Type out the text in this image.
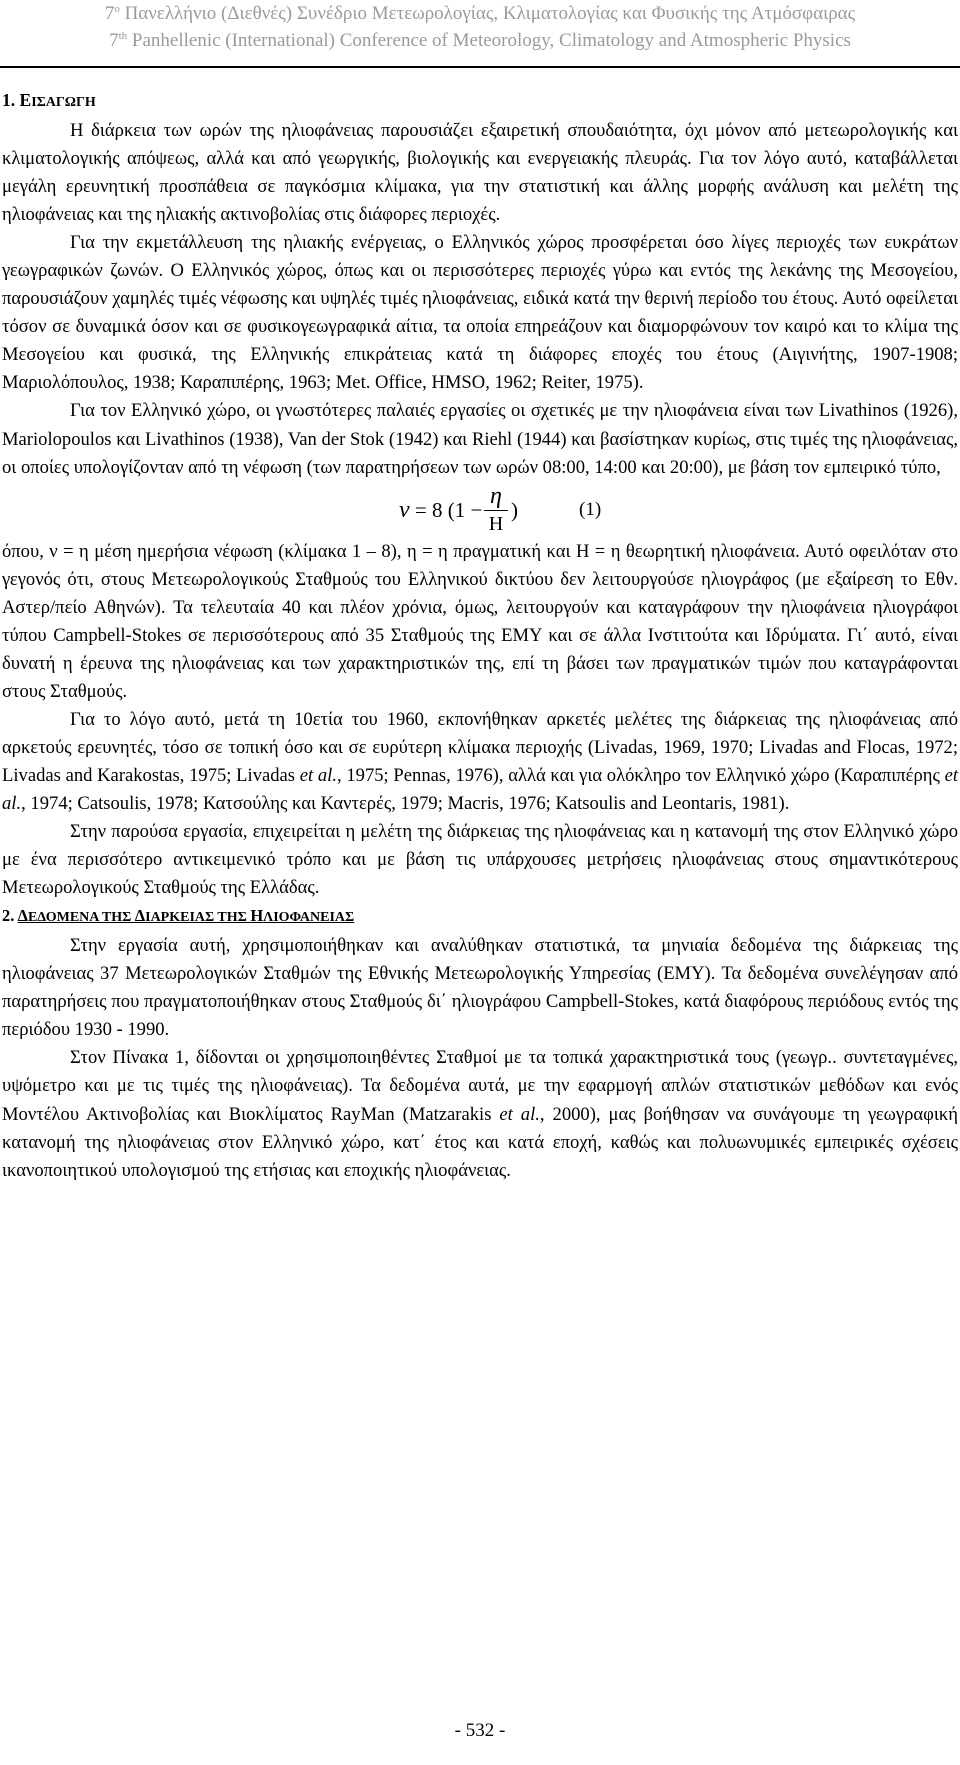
$7^o$ Πανελλήνιο (Διεθνές) Συνέδριο Μετεωρολογίας, Κλιματολογίας και Φυσικής της Ατμόσφαιρας
7th Panhellenic (International) Conference of Meteorology, Climatology and Atmospheric Physics

1. ΕΙΣΑΓΩΓΗ

Η διάρκεια των ωρών της ηλιοφάνειας παρουσιάζει εξαιρετική σπουδαιότητα, όχι μόνον από μετεωρολογικής και κλιματολογικής απόψεως, αλλά και από γεωργικής, βιολογικής και ενεργειακής πλευράς. Για τον λόγο αυτό, καταβάλλεται μεγάλη ερευνητική προσπάθεια σε παγκόσμια κλίμακα, για την στατιστική και άλλης μορφής ανάλυση και μελέτη της ηλιοφάνειας και της ηλιακής ακτινοβολίας στις διάφορες περιοχές.

Για την εκμετάλλευση της ηλιακής ενέργειας, ο Ελληνικός χώρος προσφέρεται όσο λίγες περιοχές των ευκράτων γεωγραφικών ζωνών. Ο Ελληνικός χώρος, όπως και οι περισσότερες περιοχές γύρω και εντός της λεκάνης της Μεσογείου, παρουσιάζουν χαμηλές τιμές νέφωσης και υψηλές τιμές ηλιοφάνειας, ειδικά κατά την θερινή περίοδο του έτους. Αυτό οφείλεται τόσον σε δυναμικά όσον και σε φυσικογεωγραφικά αίτια, τα οποία επηρεάζουν και διαμορφώνουν τον καιρό και το κλίμα της Μεσογείου και φυσικά, της Ελληνικής επικράτειας κατά τη διάφορες εποχές του έτους (Αιγινήτης, 1907-1908; Μαριολόπουλος, 1938; Καραπιπέρης, 1963; Met. Office, HMSO, 1962; Reiter, 1975).

Για τον Ελληνικό χώρο, οι γνωστότερες παλαιές εργασίες οι σχετικές με την ηλιοφάνεια είναι των Livathinos (1926), Mariolopoulos και Livathinos (1938), Van der Stok (1942) και Riehl (1944) και βασίστηκαν κυρίως, στις τιμές της ηλιοφάνειας, οι οποίες υπολογίζονταν από τη νέφωση (των παρατηρήσεων των ωρών 08:00, 14:00 και 20:00), με βάση τον εμπειρικό τύπο,

ν = 8 (1 −
η
Η
)	(1)

όπου, ν = η μέση ημερήσια νέφωση (κλίμακα 1 – 8), η = η πραγματική και Η = η θεωρητική ηλιοφάνεια. Αυτό οφειλόταν στο γεγονός ότι, στους Μετεωρολογικούς Σταθμούς του Ελληνικού δικτύου δεν λειτουργούσε ηλιογράφος (με εξαίρεση το Εθν. Αστερ/πείο Αθηνών). Τα τελευταία 40 και πλέον χρόνια, όμως, λειτουργούν και καταγράφουν την ηλιοφάνεια ηλιογράφοι τύπου Campbell-Stokes σε περισσότερους από 35 Σταθμούς της ΕΜΥ και σε άλλα Ινστιτούτα και Ιδρύματα. Γι΄ αυτό, είναι δυνατή η έρευνα της ηλιοφάνειας και των χαρακτηριστικών της, επί τη βάσει των πραγματικών τιμών που καταγράφονται στους Σταθμούς.

Για το λόγο αυτό, μετά τη 10ετία του 1960, εκπονήθηκαν αρκετές μελέτες της διάρκειας της ηλιοφάνειας από αρκετούς ερευνητές, τόσο σε τοπική όσο και σε ευρύτερη κλίμακα περιοχής (Livadas, 1969, 1970; Livadas and Flocas, 1972; Livadas and Karakostas, 1975; Livadas et al., 1975; Pennas, 1976), αλλά και για ολόκληρο τον Ελληνικό χώρο (Καραπιπέρης et al., 1974; Catsoulis, 1978; Κατσούλης και Καντερές, 1979; Macris, 1976; Katsoulis and Leontaris, 1981).

Στην παρούσα εργασία, επιχειρείται η μελέτη της διάρκειας της ηλιοφάνειας και η κατανομή της στον Ελληνικό χώρο με ένα περισσότερο αντικειμενικό τρόπο και με βάση τις υπάρχουσες μετρήσεις ηλιοφάνειας στους σημαντικότερους Μετεωρολογικούς Σταθμούς της Ελλάδας.

2. ΔΕΔΟΜΕΝΑ ΤΗΣ ΔΙΑΡΚΕΙΑΣ ΤΗΣ ΗΛΙΟΦΑΝΕΙΑΣ

Στην εργασία αυτή, χρησιμοποιήθηκαν και αναλύθηκαν στατιστικά, τα μηνιαία δεδομένα της διάρκειας της ηλιοφάνειας 37 Μετεωρολογικών Σταθμών της Εθνικής Μετεωρολογικής Υπηρεσίας (ΕΜΥ). Τα δεδομένα συνελέγησαν από παρατηρήσεις που πραγματοποιήθηκαν στους Σταθμούς δι΄ ηλιογράφου Campbell-Stokes, κατά διαφόρους περιόδους εντός της περιόδου 1930 - 1990.

Στον Πίνακα 1, δίδονται οι χρησιμοποιηθέντες Σταθμοί με τα τοπικά χαρακτηριστικά τους (γεωγρ.. συντεταγμένες, υψόμετρο και με τις τιμές της ηλιοφάνειας). Τα δεδομένα αυτά, με την εφαρμογή απλών στατιστικών μεθόδων και ενός Μοντέλου Ακτινοβολίας και Βιοκλίματος RayMan (Matzarakis et al., 2000), μας βοήθησαν να συνάγουμε τη γεωγραφική κατανομή της ηλιοφάνειας στον Ελληνικό χώρο, κατ΄ έτος και κατά εποχή, καθώς και πολυωνυμικές εμπειρικές σχέσεις ικανοποιητικού υπολογισμού της ετήσιας και εποχικής ηλιοφάνειας.

- 532 -
